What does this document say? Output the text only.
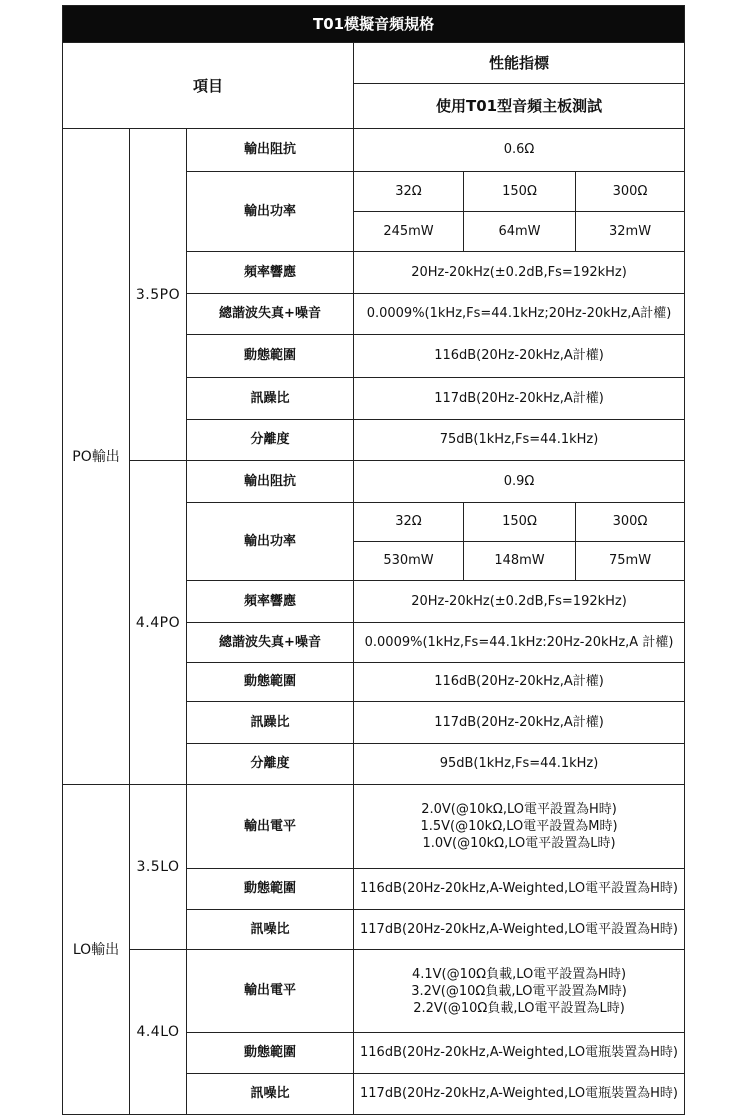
T01模擬音頻規格					
項目			性能指標		
			使用T01型音頻主板測試		
PO輸出	3.5PO	輸出阻抗	0.6Ω		
		輸出功率	32Ω	150Ω	300Ω
			245mW	64mW	32mW
		頻率響應	20Hz-20kHz(±0.2dB,Fs=192kHz)		
		總諧波失真+噪音	0.0009%(1kHz,Fs=44.1kHz;20Hz-20kHz,A計權)		
		動態範圍	116dB(20Hz-20kHz,A計權)		
		訊躁比	117dB(20Hz-20kHz,A計權)		
		分離度	75dB(1kHz,Fs=44.1kHz)		
	4.4PO	輸出阻抗	0.9Ω		
		輸出功率	32Ω	150Ω	300Ω
			530mW	148mW	75mW
		頻率響應	20Hz-20kHz(±0.2dB,Fs=192kHz)		
		總諧波失真+噪音	0.0009%(1kHz,Fs=44.1kHz:20Hz-20kHz,A 計權)		
		動態範圍	116dB(20Hz-20kHz,A計權)		
		訊躁比	117dB(20Hz-20kHz,A計權)		
		分離度	95dB(1kHz,Fs=44.1kHz)		
LO輸出	3.5LO	輸出電平	2.0V(@10kΩ,LO電平設置為H時)
1.5V(@10kΩ,LO電平設置為M時)
1.0V(@10kΩ,LO電平設置為L時)		

		動態範圍	116dB(20Hz-20kHz,A-Weighted,LO電平設置為H時)		
		訊噪比	117dB(20Hz-20kHz,A-Weighted,LO電平設置為H時)		
	4.4LO	輸出電平	4.1V(@10Ω負載,LO電平設置為H時)
3.2V(@10Ω負載,LO電平設置為M時)
2.2V(@10Ω負載,LO電平設置為L時)		

		動態範圍	116dB(20Hz-20kHz,A-Weighted,LO電瓶裝置為H時)		
		訊噪比	117dB(20Hz-20kHz,A-Weighted,LO電瓶裝置為H時)		
